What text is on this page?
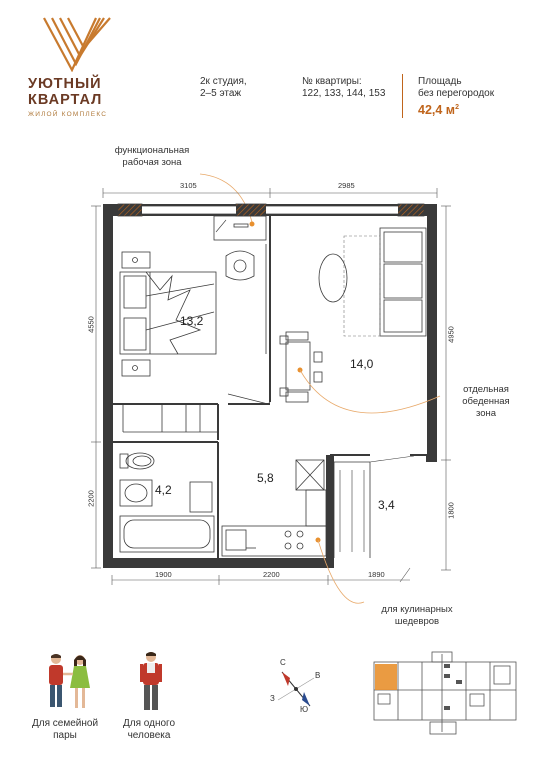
УЮТНЫЙ
КВАРТАЛ
ЖИЛОЙ КОМПЛЕКС
2к студия,
2–5 этаж
№ квартиры:
122, 133, 144, 153
Площадь
без перегородок
42,4 $м^2$
функциональная
рабочая зона
3105	2985
4550
2200
4950
1800
1900	2200	1890
13,2
14,0
4,2
5,8
3,4
отдельная
обеденная
зона
для кулинарных
шедевров
Для семейной
пары
Для одного
человека
С
В
Ю
З
